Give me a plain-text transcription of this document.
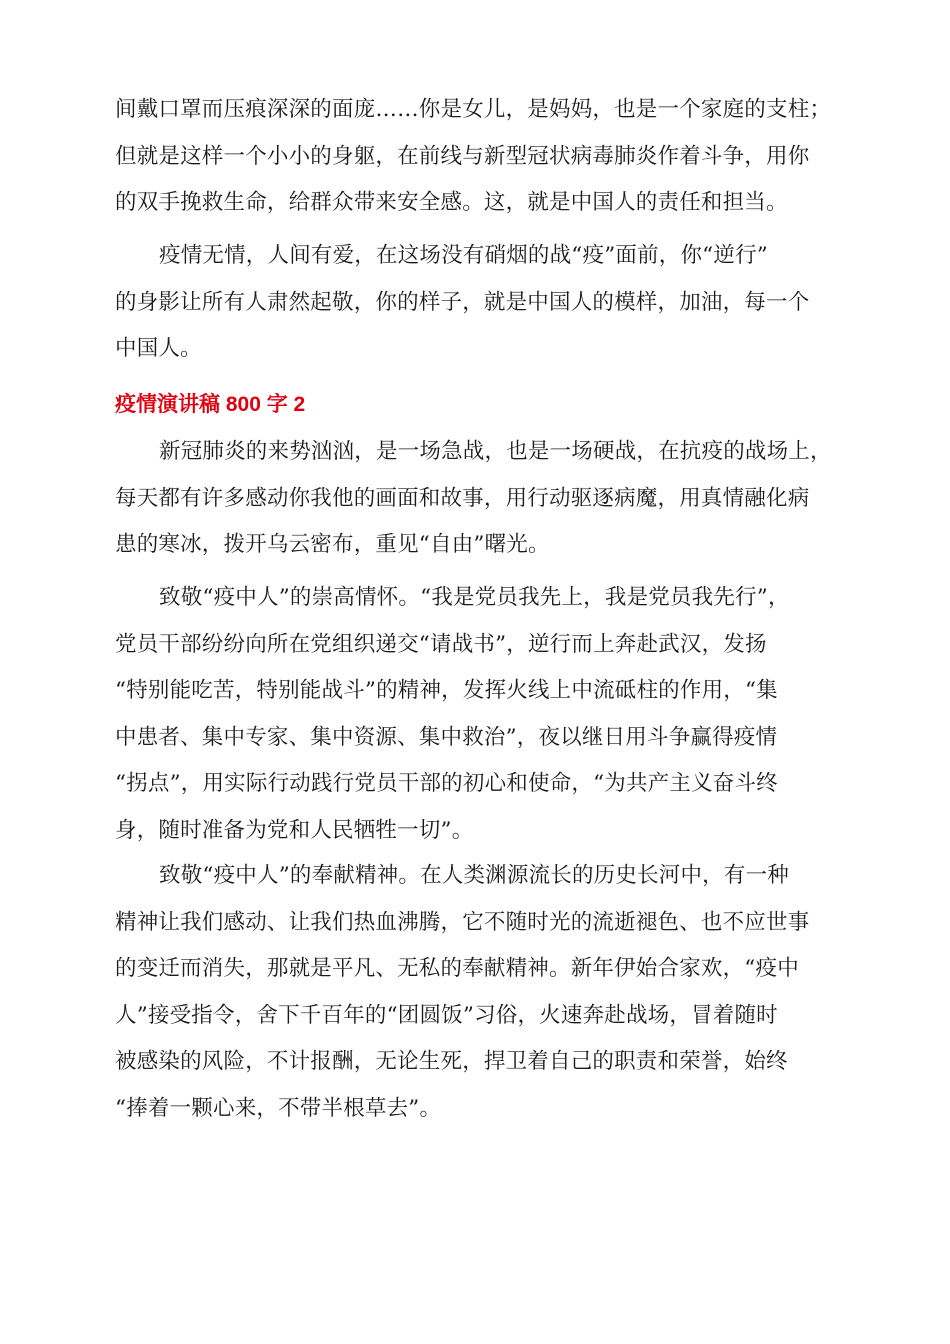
间戴口罩而压痕深深的面庞……你是女儿，是妈妈，也是一个家庭的支柱；
但就是这样一个小小的身躯，在前线与新型冠状病毒肺炎作着斗争，用你
的双手挽救生命，给群众带来安全感。这，就是中国人的责任和担当。
疫情无情，人间有爱，在这场没有硝烟的战“疫”面前，你“逆行”
的身影让所有人肃然起敬，你的样子，就是中国人的模样，加油，每一个
中国人。
疫情演讲稿 800 字 2
新冠肺炎的来势汹汹，是一场急战，也是一场硬战，在抗疫的战场上，
每天都有许多感动你我他的画面和故事，用行动驱逐病魔，用真情融化病
患的寒冰，拨开乌云密布，重见“自由”曙光。
致敬“疫中人”的崇高情怀。“我是党员我先上，我是党员我先行”，
党员干部纷纷向所在党组织递交“请战书”，逆行而上奔赴武汉，发扬
“特别能吃苦，特别能战斗”的精神，发挥火线上中流砥柱的作用，“集
中患者、集中专家、集中资源、集中救治”，夜以继日用斗争赢得疫情
“拐点”，用实际行动践行党员干部的初心和使命，“为共产主义奋斗终
身，随时准备为党和人民牺牲一切”。
致敬“疫中人”的奉献精神。在人类渊源流长的历史长河中，有一种
精神让我们感动、让我们热血沸腾，它不随时光的流逝褪色、也不应世事
的变迁而消失，那就是平凡、无私的奉献精神。新年伊始合家欢，“疫中
人”接受指令，舍下千百年的“团圆饭”习俗，火速奔赴战场，冒着随时
被感染的风险，不计报酬，无论生死，捍卫着自己的职责和荣誉，始终
“捧着一颗心来，不带半根草去”。
